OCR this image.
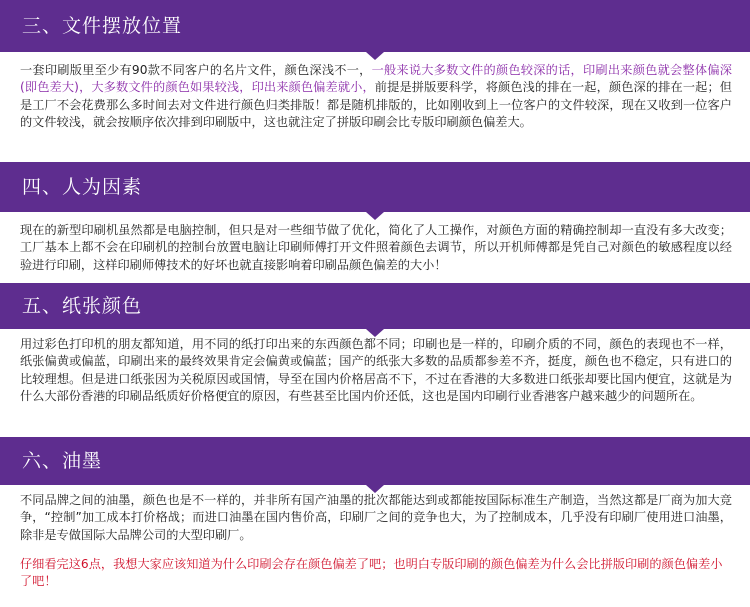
三、文件摆放位置
一套印刷版里至少有90款不同客户的名片文件，颜色深浅不一，一般来说大多数文件的颜色较深的话，印刷出来颜色就会整体偏深(即色差大)，大多数文件的颜色如果较浅，印出来颜色偏差就小，前提是拼版要科学，将颜色浅的排在一起，颜色深的排在一起；但是工厂不会花费那么多时间去对文件进行颜色归类排版！都是随机排版的，比如刚收到上一位客户的文件较深，现在又收到一位客户的文件较浅，就会按顺序依次排到印刷版中，这也就注定了拼版印刷会比专版印刷颜色偏差大。
四、人为因素
现在的新型印刷机虽然都是电脑控制，但只是对一些细节做了优化，简化了人工操作，对颜色方面的精确控制却一直没有多大改变；工厂基本上都不会在印刷机的控制台放置电脑让印刷师傅打开文件照着颜色去调节，所以开机师傅都是凭自己对颜色的敏感程度以经验进行印刷，这样印刷师傅技术的好坏也就直接影响着印刷品颜色偏差的大小！
五、纸张颜色
用过彩色打印机的朋友都知道，用不同的纸打印出来的东西颜色都不同；印刷也是一样的，印刷介质的不同，颜色的表现也不一样，纸张偏黄或偏蓝，印刷出来的最终效果肯定会偏黄或偏蓝；国产的纸张大多数的品质都参差不齐，挺度，颜色也不稳定，只有进口的比较理想。但是进口纸张因为关税原因或国情，导至在国内价格居高不下，不过在香港的大多数进口纸张却要比国内便宜，这就是为什么大部份香港的印刷品纸质好价格便宜的原因，有些甚至比国内价还低，这也是国内印刷行业香港客户越来越少的问题所在。
六、油墨
不同品牌之间的油墨，颜色也是不一样的，并非所有国产油墨的批次都能达到或都能按国际标准生产制造，当然这都是厂商为加大竞争，“控制”加工成本打价格战；而进口油墨在国内售价高，印刷厂之间的竞争也大，为了控制成本，几乎没有印刷厂使用进口油墨，除非是专做国际大品牌公司的大型印刷厂。
仔细看完这6点，我想大家应该知道为什么印刷会存在颜色偏差了吧；也明白专版印刷的颜色偏差为什么会比拼版印刷的颜色偏差小了吧！
